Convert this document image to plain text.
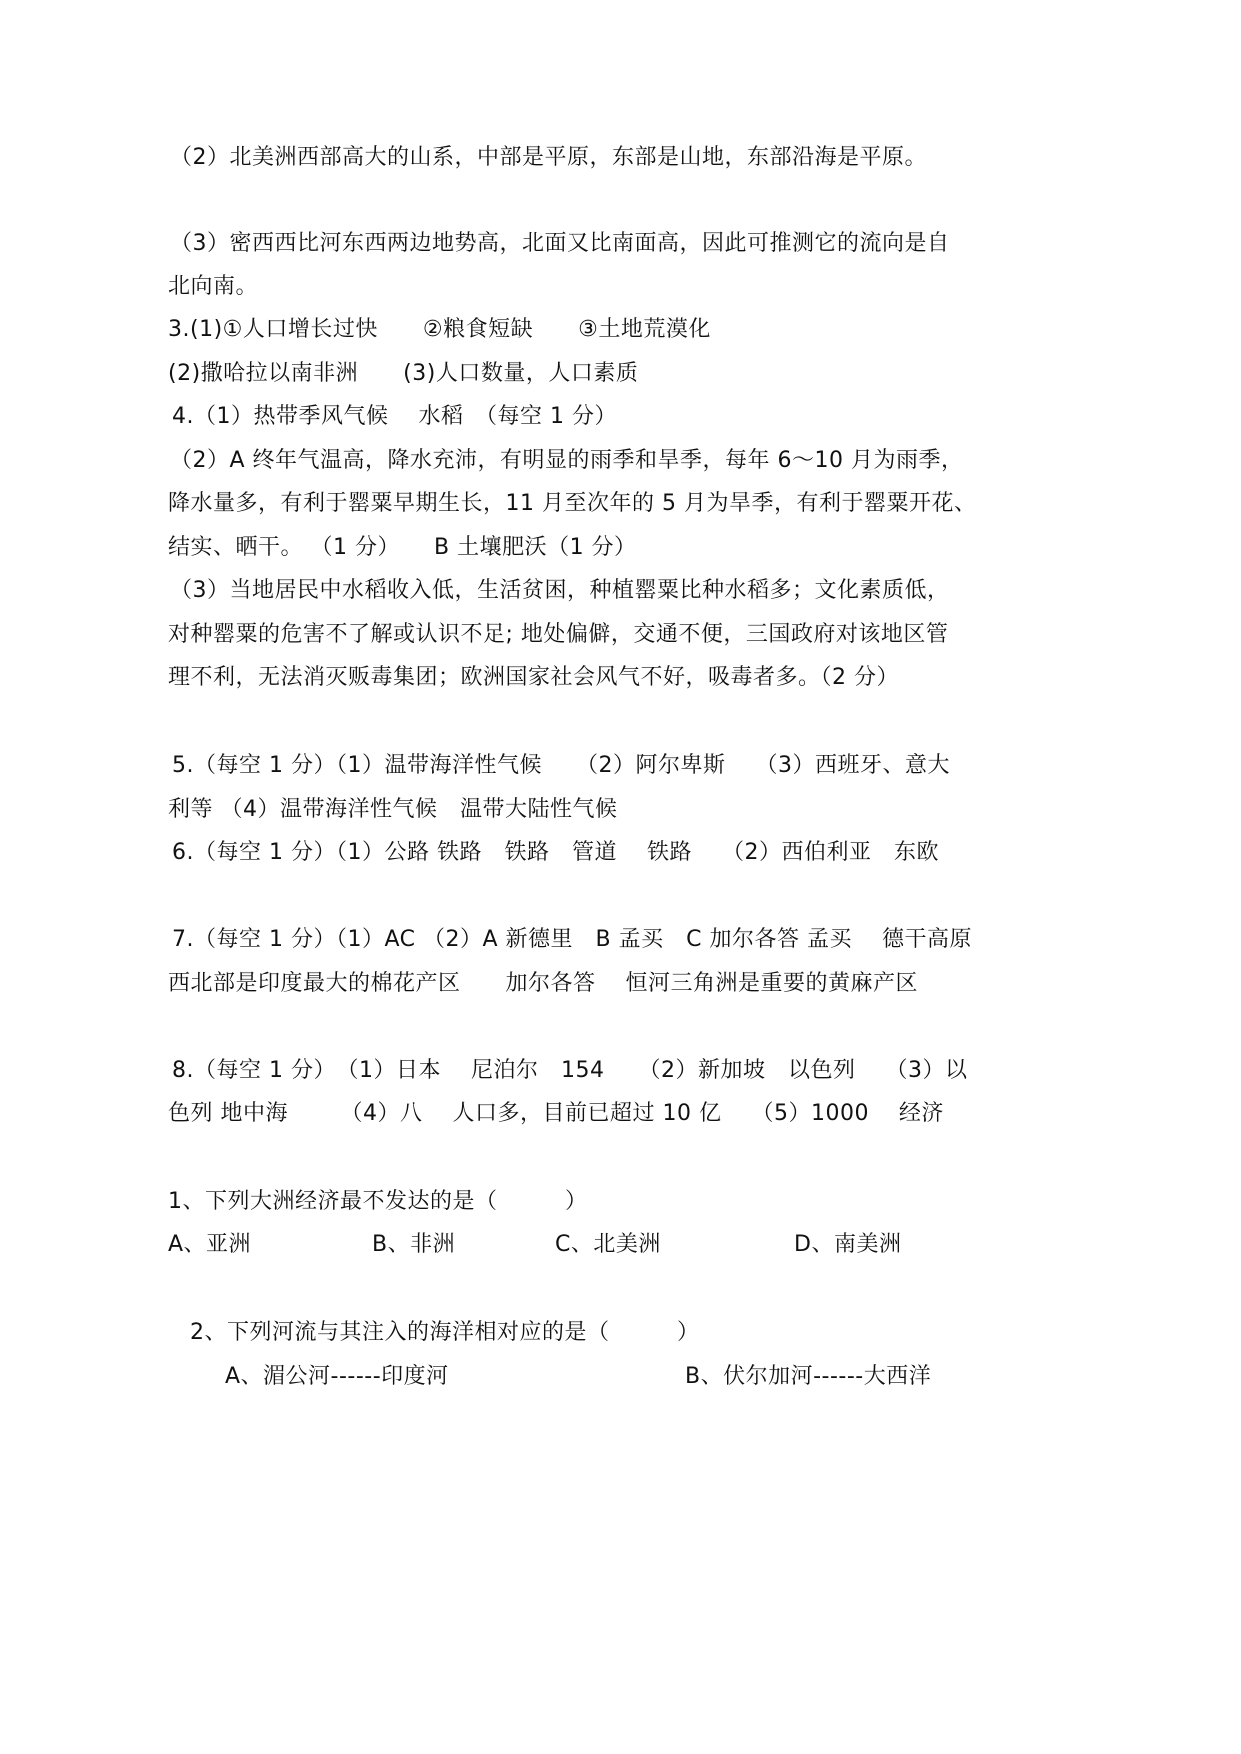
（2）北美洲西部高大的山系，中部是平原，东部是山地，东部沿海是平原。

（3）密西西比河东西两边地势高，北面又比南面高，因此可推测它的流向是自

北向南。

3.(1)①人口增长过快　　②粮食短缺　　③土地荒漠化

(2)撒哈拉以南非洲　　(3)人口数量，人口素质

4.（1）热带季风气候　 水稻　（每空 1 分）

（2）A 终年气温高，降水充沛，有明显的雨季和旱季，每年 6～10 月为雨季，

降水量多，有利于罂粟早期生长，11 月至次年的 5 月为旱季，有利于罂粟开花、

结实、晒干。 （1 分）　　B 土壤肥沃（1 分）

（3）当地居民中水稻收入低，生活贫困，种植罂粟比种水稻多；文化素质低，

对种罂粟的危害不了解或认识不足; 地处偏僻，交通不便，三国政府对该地区管

理不利，无法消灭贩毒集团；欧洲国家社会风气不好，吸毒者多。（2 分）

5.（每空 1 分）（1）温带海洋性气候　　（2）阿尔卑斯　 （3）西班牙、意大

利等 （4）温带海洋性气候　温带大陆性气候

6.（每空 1 分）（1）公路 铁路　铁路　管道　 铁路　 （2）西伯利亚　东欧

7.（每空 1 分）（1）AC （2）A 新德里　B 孟买　C 加尔各答 孟买　 德干高原

西北部是印度最大的棉花产区　　加尔各答　 恒河三角洲是重要的黄麻产区

8.（每空 1 分）　（1）日本　 尼泊尔　154　　（2）新加坡　以色列　 （3）以

色列 地中海　　 （4）八　 人口多，目前已超过 10 亿　 （5）1000　 经济

1、下列大洲经济最不发达的是（　　　）

A、亚洲	B、非洲	C、北美洲	D、南美洲

2、下列河流与其注入的海洋相对应的是（　　　）

A、湄公河------印度河	B、伏尔加河------大西洋
